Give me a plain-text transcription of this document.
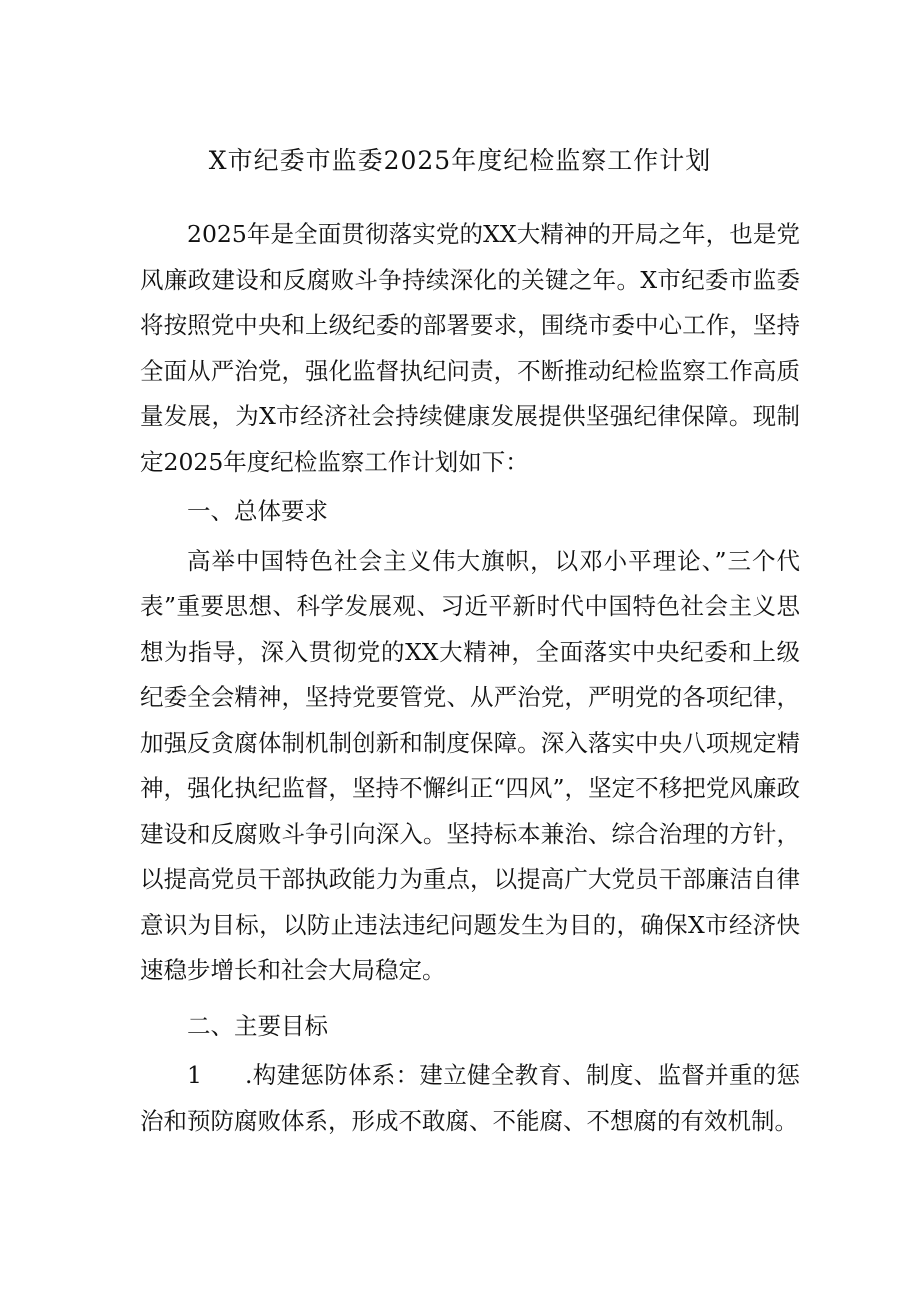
X市纪委市监委2025年度纪检监察工作计划

2025年是全面贯彻落实党的XX大精神的开局之年，也是党风廉政建设和反腐败斗争持续深化的关键之年。X市纪委市监委将按照党中央和上级纪委的部署要求，围绕市委中心工作，坚持全面从严治党，强化监督执纪问责，不断推动纪检监察工作高质量发展，为X市经济社会持续健康发展提供坚强纪律保障。现制定2025年度纪检监察工作计划如下：

一、总体要求

高举中国特色社会主义伟大旗帜，以邓小平理论、”三个代表”重要思想、科学发展观、习近平新时代中国特色社会主义思想为指导，深入贯彻党的XX大精神，全面落实中央纪委和上级纪委全会精神，坚持党要管党、从严治党，严明党的各项纪律，加强反贪腐体制机制创新和制度保障。深入落实中央八项规定精神，强化执纪监督，坚持不懈纠正“四风”，坚定不移把党风廉政建设和反腐败斗争引向深入。坚持标本兼治、综合治理的方针，以提高党员干部执政能力为重点，以提高广大党员干部廉洁自律意识为目标，以防止违法违纪问题发生为目的，确保X市经济快速稳步增长和社会大局稳定。

二、主要目标

1 .构建惩防体系：建立健全教育、制度、监督并重的惩治和预防腐败体系，形成不敢腐、不能腐、不想腐的有效机制。
